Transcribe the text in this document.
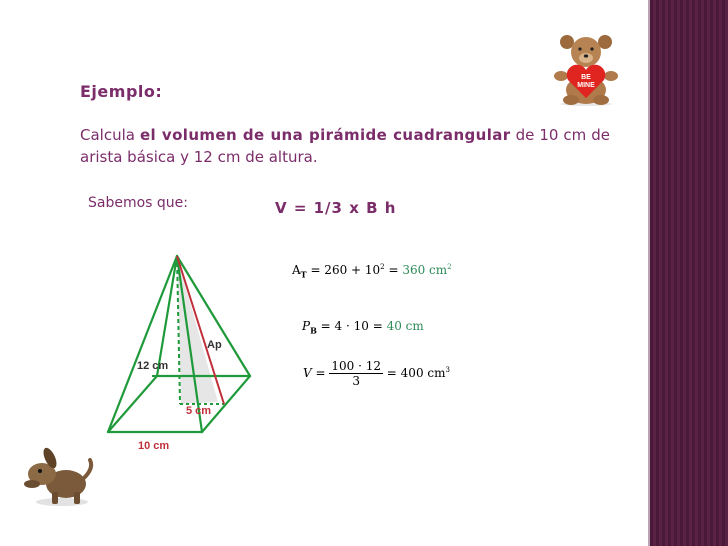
BE
MINE
Ejemplo:
Calcula el volumen de una pirámide cuadrangular de 10 cm de arista básica y 12 cm de altura.
Sabemos que:	V = 1/3 x B h
$A_T = 260 + 10^2 = 360$ $cm^2$
$P_B = 4 \cdot 10 = 40$ cm
$V = \frac{100 \cdot 12}{3} = 400$ $cm^3$
12 cm
Ap
5 cm
10 cm
